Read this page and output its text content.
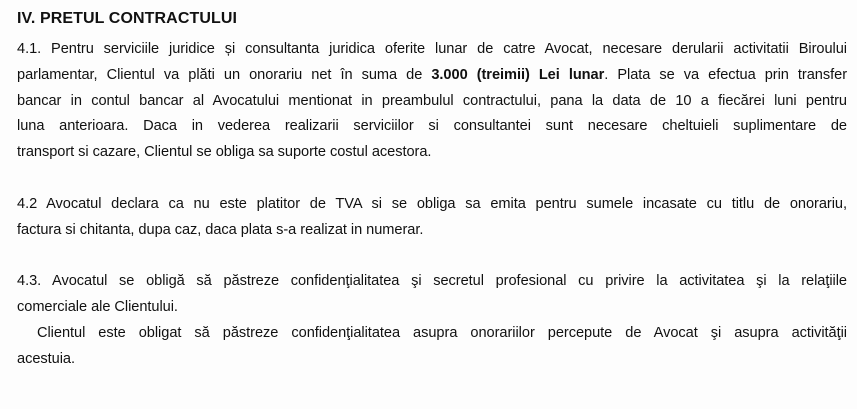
IV. PRETUL CONTRACTULUI
4.1. Pentru serviciile juridice și consultanta juridica oferite lunar de catre Avocat, necesare derularii activitatii Biroului
parlamentar, Clientul va plăti un onorariu net în suma de 3.000 (treimii) Lei lunar. Plata se va efectua prin transfer
bancar in contul bancar al Avocatului mentionat in preambulul contractului, pana la data de 10 a fiecărei luni pentru
luna anterioara. Daca in vederea realizarii serviciilor si consultantei sunt necesare cheltuieli suplimentare de
transport si cazare, Clientul se obliga sa suporte costul acestora.
4.2 Avocatul declara ca nu este platitor de TVA si se obliga sa emita pentru sumele incasate cu titlu de onorariu,
factura si chitanta, dupa caz, daca plata s-a realizat in numerar.
4.3. Avocatul se obligă să păstreze confidenţialitatea şi secretul profesional cu privire la activitatea şi la relaţiile
comerciale ale Clientului.
Clientul este obligat să păstreze confidenţialitatea asupra onorariilor percepute de Avocat şi asupra activităţii
acestuia.
